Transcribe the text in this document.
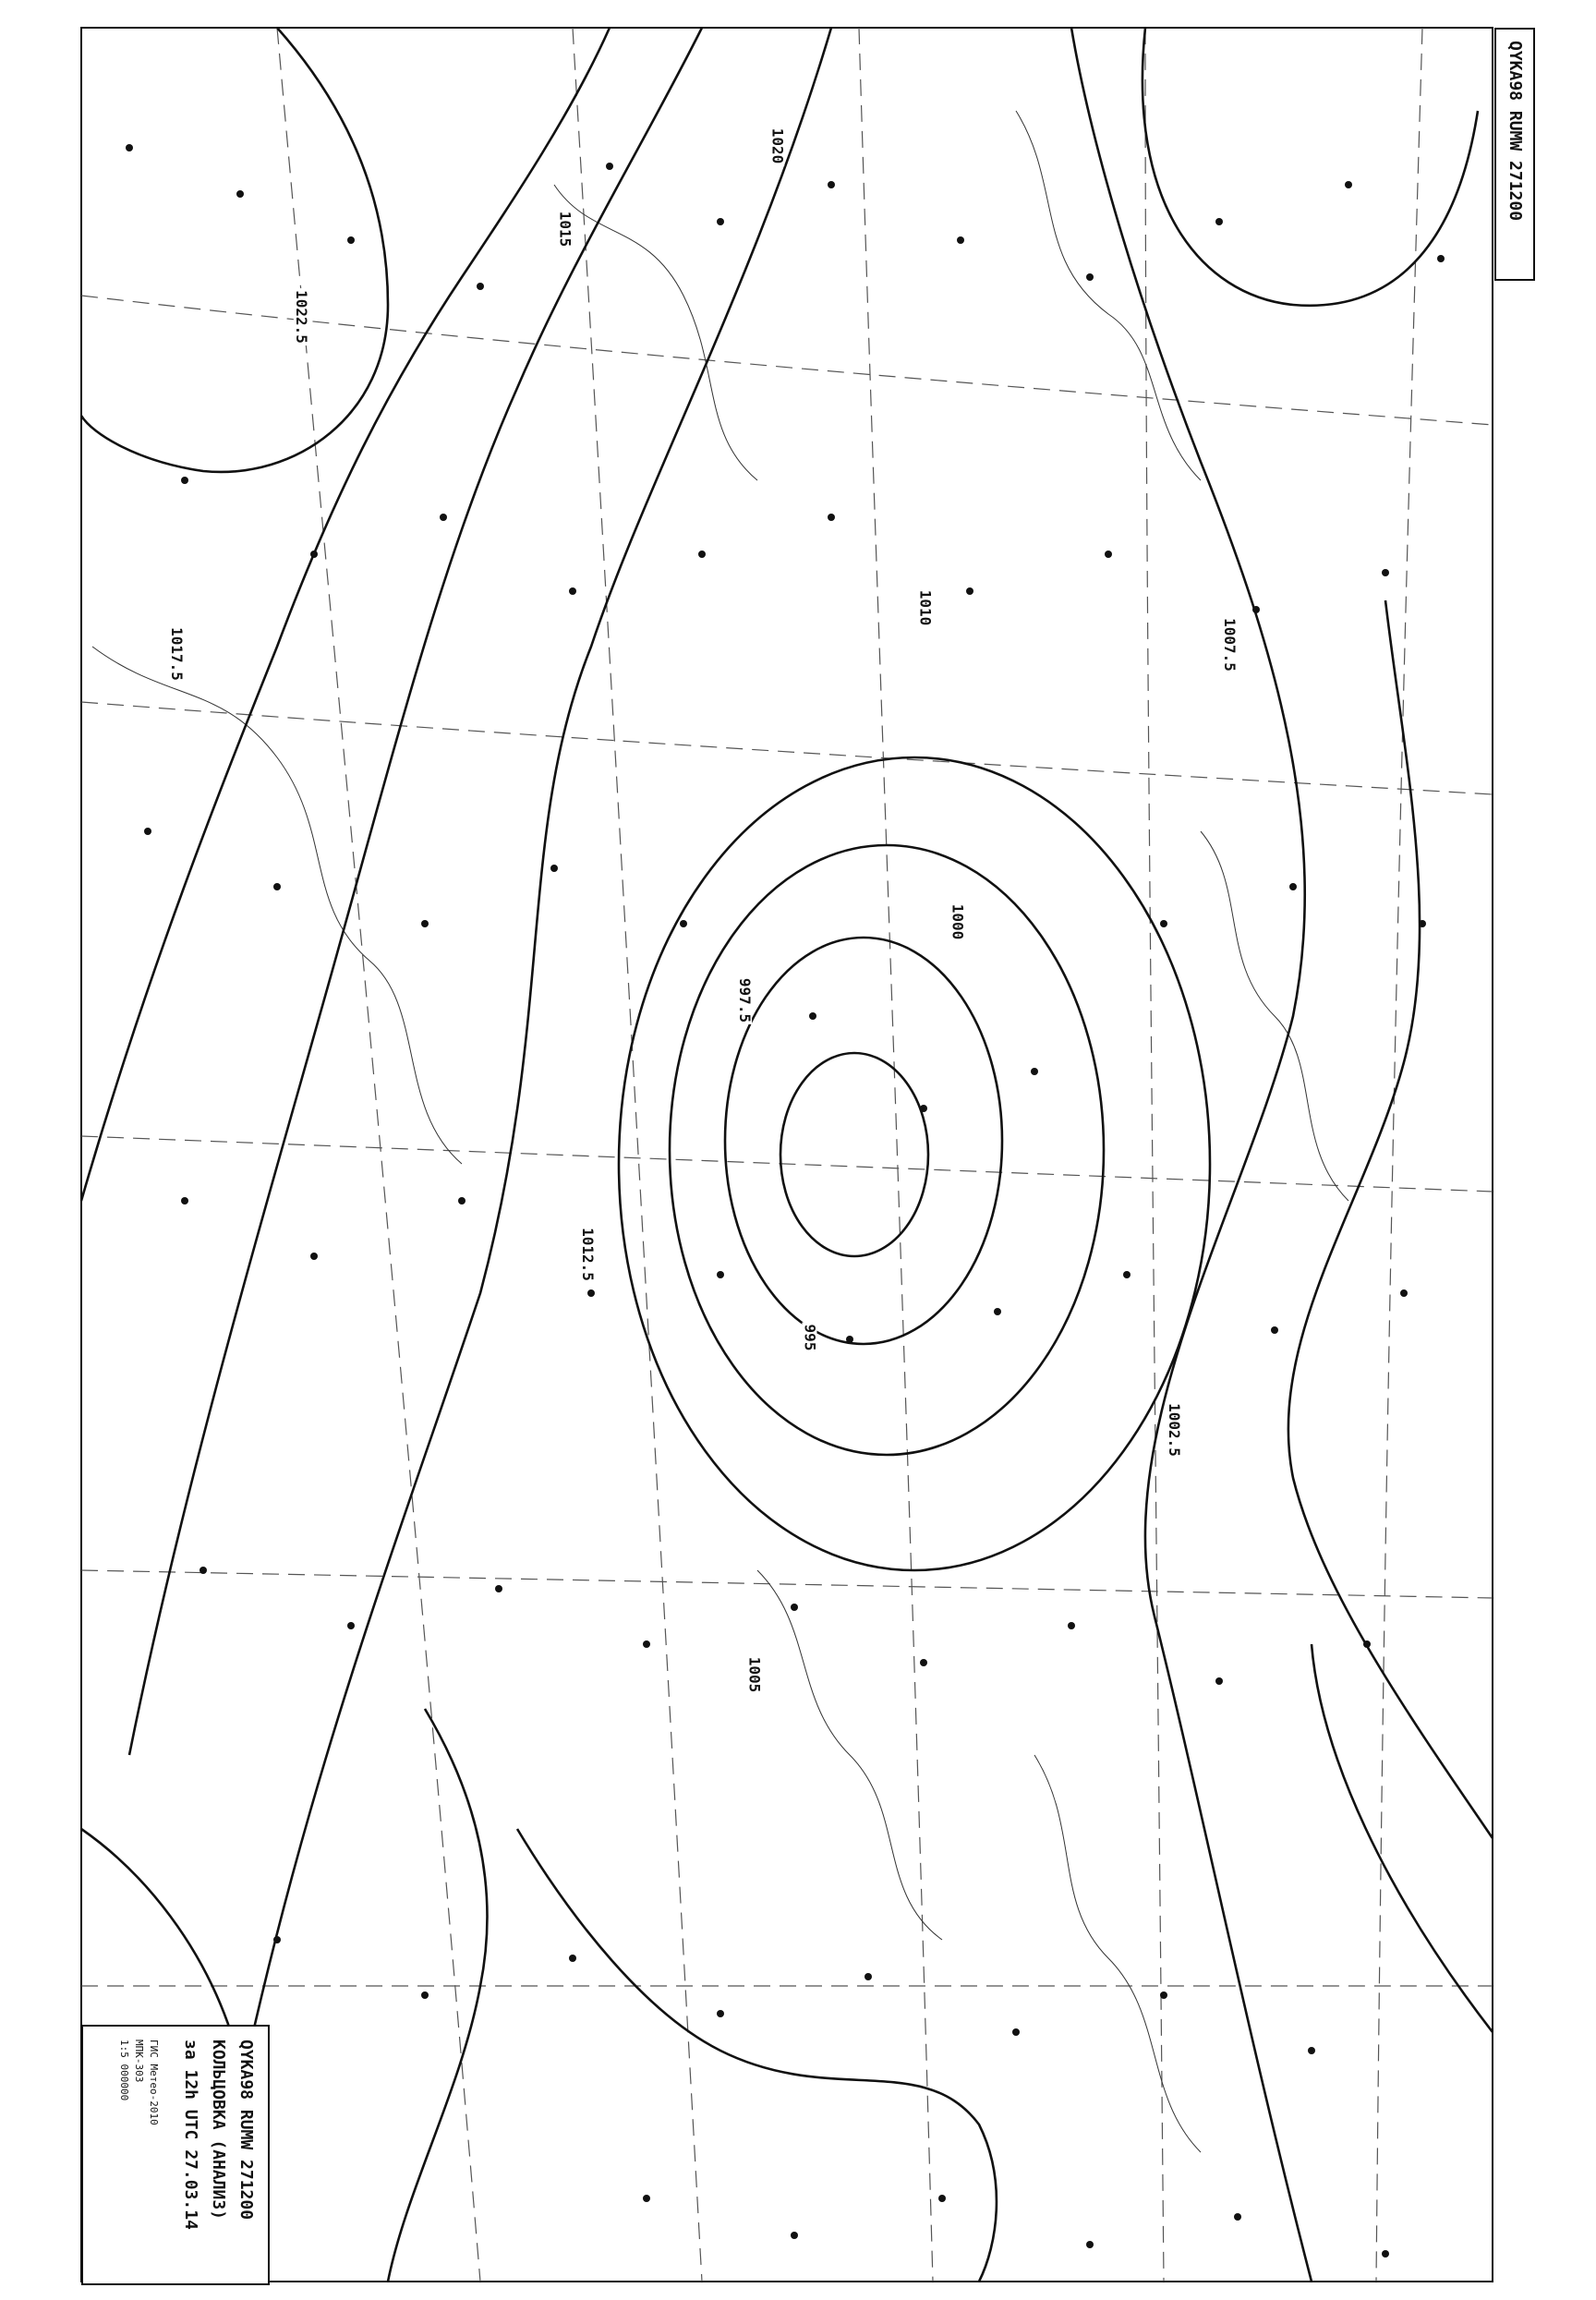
1020
1022.5
1017.5
1015
1012.5
1010
1007.5
1005
1002.5
1000
997.5
995
QYKA98 RUMW 271200
QYKA98 RUMW 271200
КОЛЬЦОВКА (АНАЛИЗ)
за 12h UTC 27.03.14
ГИС Метео-2010
МПК-303
1:5 000000
